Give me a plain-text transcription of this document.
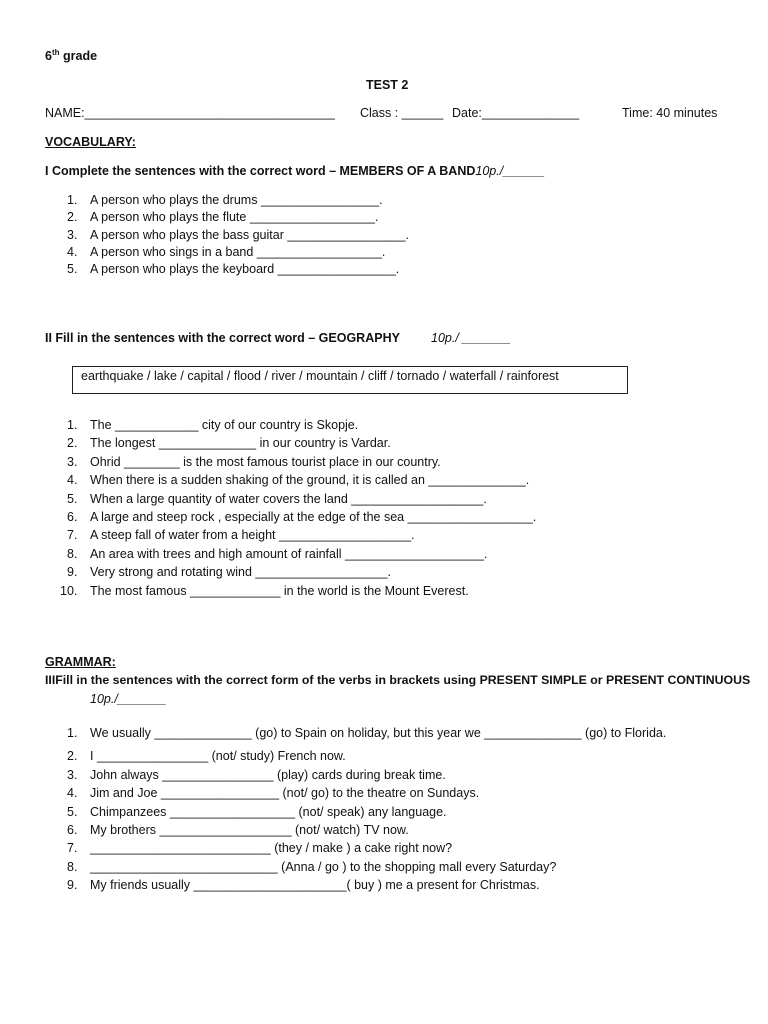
6th grade
TEST 2
NAME:____________________________________ Class : ______ Date:______________	Time: 40 minutes
VOCABULARY:
I Complete the sentences with the correct word – MEMBERS OF A BAND10p./______
1. A person who plays the drums _________________.
2. A person who plays the flute __________________.
3. A person who plays the bass guitar _________________.
4. A person who sings in a band __________________.
5. A person who plays the keyboard _________________.
II Fill in the sentences with the correct word – GEOGRAPHY 10p./ _______
earthquake / lake / capital / flood / river / mountain / cliff / tornado / waterfall / rainforest
1. The ____________ city of our country is Skopje.
2. The longest ______________ in our country is Vardar.
3. Ohrid ________ is the most famous tourist place in our country.
4. When there is a sudden shaking of the ground, it is called an ______________.
5. When a large quantity of water covers the land ___________________.
6. A large and steep rock , especially at the edge of the sea __________________.
7. A steep fall of water from a height ___________________.
8. An area with trees and high amount of rainfall ____________________.
9. Very strong and rotating wind ___________________.
10. The most famous _____________ in the world is the Mount Everest.
GRAMMAR:
IIIFill in the sentences with the correct form of the verbs in brackets using PRESENT SIMPLE or PRESENT CONTINUOUS
10p./_______
1. We usually ______________ (go) to Spain on holiday, but this year we ______________ (go) to Florida.
2. I ________________ (not/ study) French now.
3. John always ________________ (play) cards during break time.
4. Jim and Joe _________________ (not/ go) to the theatre on Sundays.
5. Chimpanzees __________________ (not/ speak) any language.
6. My brothers ___________________ (not/ watch) TV now.
7. __________________________ (they / make ) a cake right now?
8. ___________________________ (Anna / go ) to the shopping mall every Saturday?
9. My friends usually ______________________( buy ) me a present for Christmas.
